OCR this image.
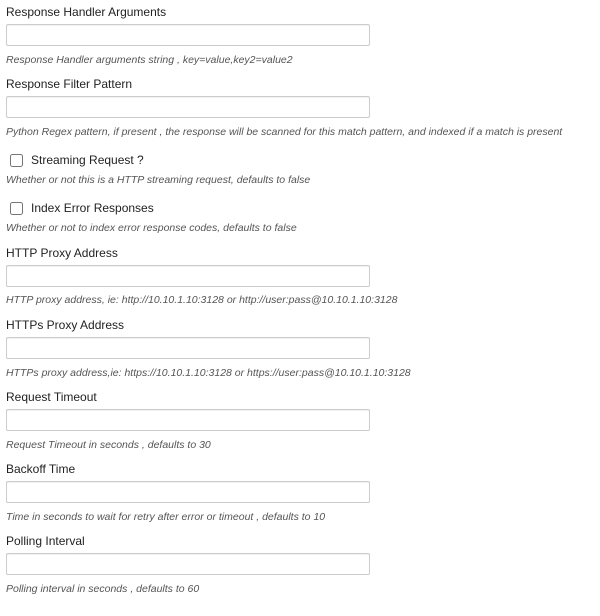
Response Handler Arguments
Response Handler arguments string , key=value,key2=value2
Response Filter Pattern
Python Regex pattern, if present , the response will be scanned for this match pattern, and indexed if a match is present
Streaming Request ?
Whether or not this is a HTTP streaming request, defaults to false
Index Error Responses
Whether or not to index error response codes, defaults to false
HTTP Proxy Address
HTTP proxy address, ie: http://10.10.1.10:3128 or http://user:pass@10.10.1.10:3128
HTTPs Proxy Address
HTTPs proxy address,ie: https://10.10.1.10:3128 or https://user:pass@10.10.1.10:3128
Request Timeout
Request Timeout in seconds , defaults to 30
Backoff Time
Time in seconds to wait for retry after error or timeout , defaults to 10
Polling Interval
Polling interval in seconds , defaults to 60
